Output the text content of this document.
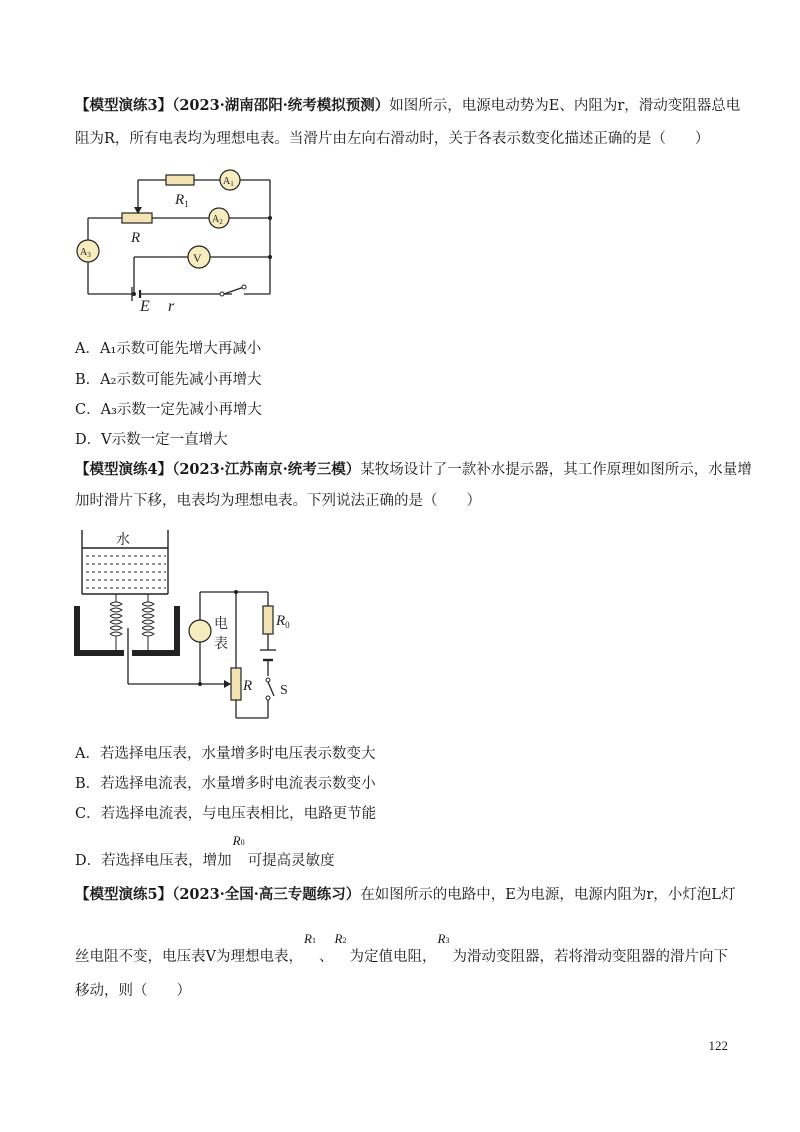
【模型演练3】（2023·湖南邵阳·统考模拟预测）如图所示，电源电动势为E、内阻为r，滑动变阻器总电
阻为R，所有电表均为理想电表。当滑片由左向右滑动时，关于各表示数变化描述正确的是（　　）
$R_1$
R
$A_1$
$A_2$
$A_3$	V
E r
A．A₁示数可能先增大再减小
B．A₂示数可能先减小再增大
C．A₃示数一定先减小再增大
D．V示数一定一直增大
【模型演练4】（2023·江苏南京·统考三模）某牧场设计了一款补水提示器，其工作原理如图所示，水量增
加时滑片下移，电表均为理想电表。下列说法正确的是（　　）
水
电
表
R
$R_0$
S
A．若选择电压表，水量增多时电压表示数变大
B．若选择电流表，水量增多时电流表示数变小
C．若选择电流表，与电压表相比，电路更节能
D．若选择电压表，增加
R0
可提高灵敏度
【模型演练5】（2023·全国·高三专题练习）在如图所示的电路中，E为电源，电源内阻为r，小灯泡L灯
丝电阻不变，电压表V为理想电表，
R1
、
R2
为定值电阻，
R3
为滑动变阻器，若将滑动变阻器的滑片向下
移动，则（　　）
122
